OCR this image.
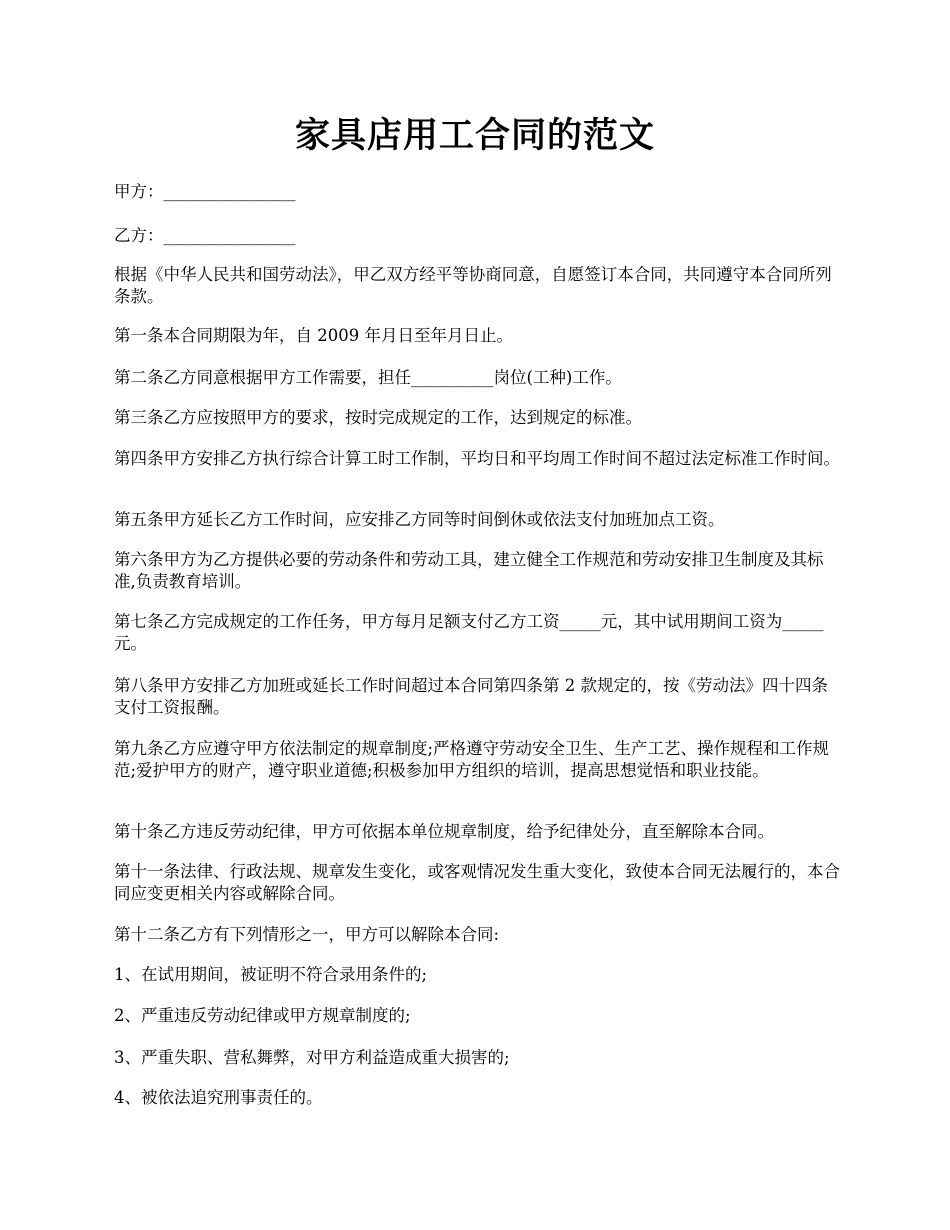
家具店用工合同的范文

甲方：________________

乙方：________________

根据《中华人民共和国劳动法》，甲乙双方经平等协商同意，自愿签订本合同，共同遵守本合同所列条款。

第一条本合同期限为年，自 2009 年月日至年月日止。

第二条乙方同意根据甲方工作需要，担任__________岗位(工种)工作。

第三条乙方应按照甲方的要求，按时完成规定的工作，达到规定的标准。

第四条甲方安排乙方执行综合计算工时工作制，平均日和平均周工作时间不超过法定标准工作时间。

第五条甲方延长乙方工作时间，应安排乙方同等时间倒休或依法支付加班加点工资。

第六条甲方为乙方提供必要的劳动条件和劳动工具，建立健全工作规范和劳动安排卫生制度及其标准,负责教育培训。

第七条乙方完成规定的工作任务，甲方每月足额支付乙方工资_____元，其中试用期间工资为_____元。

第八条甲方安排乙方加班或延长工作时间超过本合同第四条第 2 款规定的，按《劳动法》四十四条支付工资报酬。

第九条乙方应遵守甲方依法制定的规章制度;严格遵守劳动安全卫生、生产工艺、操作规程和工作规范;爱护甲方的财产，遵守职业道德;积极参加甲方组织的培训，提高思想觉悟和职业技能。

第十条乙方违反劳动纪律，甲方可依据本单位规章制度，给予纪律处分，直至解除本合同。

第十一条法律、行政法规、规章发生变化，或客观情况发生重大变化，致使本合同无法履行的，本合同应变更相关内容或解除合同。

第十二条乙方有下列情形之一，甲方可以解除本合同:

1、在试用期间，被证明不符合录用条件的;

2、严重违反劳动纪律或甲方规章制度的;

3、严重失职、营私舞弊，对甲方利益造成重大损害的;

4、被依法追究刑事责任的。
